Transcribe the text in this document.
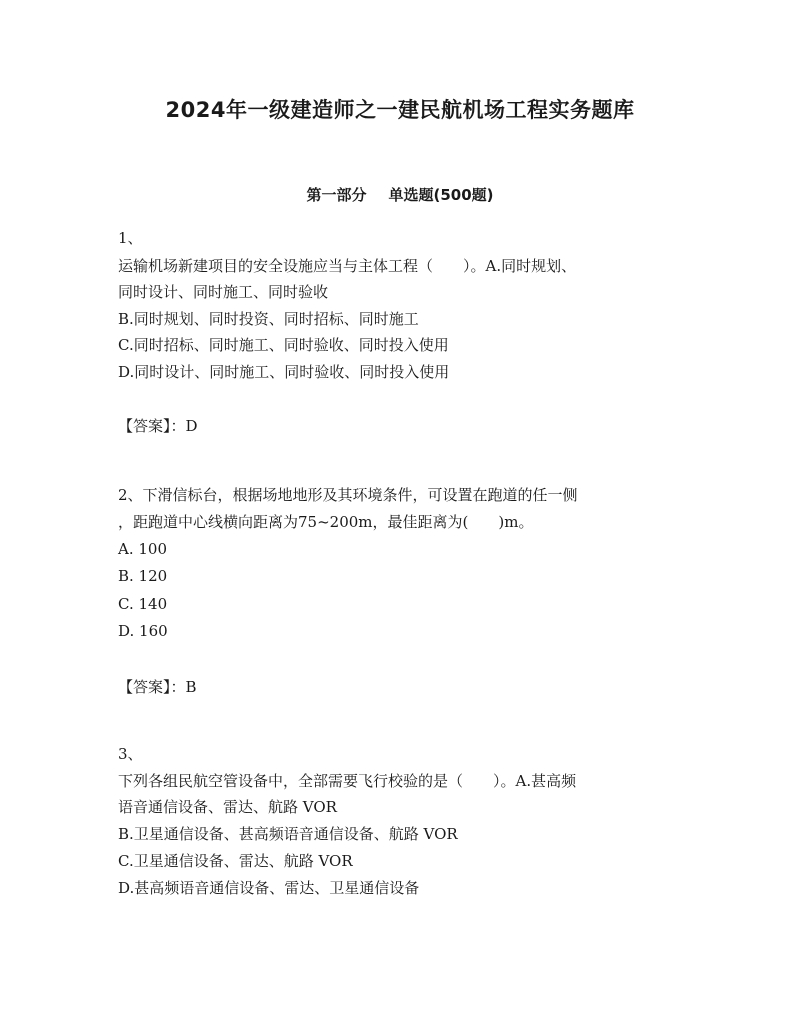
2024年一级建造师之一建民航机场工程实务题库
第一部分 单选题(500题)
1、
运输机场新建项目的安全设施应当与主体工程（　　）。A.同时规划、
同时设计、同时施工、同时验收
B.同时规划、同时投资、同时招标、同时施工
C.同时招标、同时施工、同时验收、同时投入使用
D.同时设计、同时施工、同时验收、同时投入使用
【答案】：D
2、下滑信标台，根据场地地形及其环境条件，可设置在跑道的任一侧
，距跑道中心线横向距离为75~200m，最佳距离为(　　)m。
A. 100
B. 120
C. 140
D. 160
【答案】：B
3、
下列各组民航空管设备中，全部需要飞行校验的是（　　）。A.甚高频
语音通信设备、雷达、航路 VOR
B.卫星通信设备、甚高频语音通信设备、航路 VOR
C.卫星通信设备、雷达、航路 VOR
D.甚高频语音通信设备、雷达、卫星通信设备
